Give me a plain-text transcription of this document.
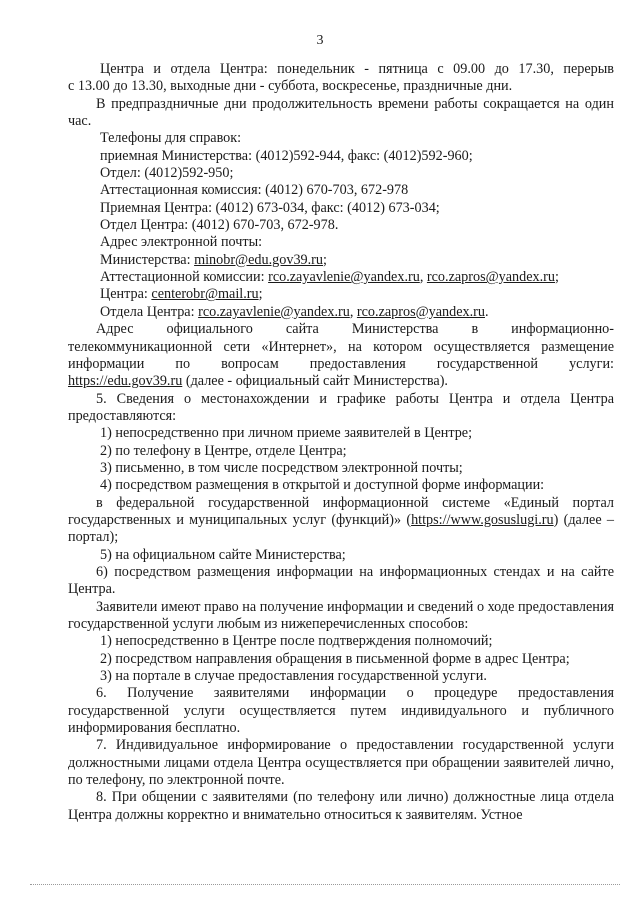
3

Центра и отдела Центра: понедельник - пятница с 09.00 до 17.30, перерыв

с 13.00 до 13.30, выходные дни - суббота, воскресенье, праздничные дни.

В предпраздничные дни продолжительность времени работы сокращается на один час.

Телефоны для справок:

приемная Министерства: (4012)592-944, факс: (4012)592-960;

Отдел: (4012)592-950;

Аттестационная комиссия: (4012) 670-703, 672-978

Приемная Центра: (4012) 673-034, факс: (4012) 673-034;

Отдел Центра: (4012) 670-703, 672-978.

Адрес электронной почты:

Министерства: minobr@edu.gov39.ru;

Аттестационной комиссии: rco.zayavlenie@yandex.ru, rco.zapros@yandex.ru;

Центра: centerobr@mail.ru;

Отдела Центра: rco.zayavlenie@yandex.ru, rco.zapros@yandex.ru.

Адрес официального сайта Министерства в информационно-

телекоммуникационной сети «Интернет», на котором осуществляется размещение

информации по вопросам предоставления государственной услуги:

https://edu.gov39.ru (далее - официальный сайт Министерства).

5. Сведения о местонахождении и графике работы Центра и отдела Центра предоставляются:

1) непосредственно при личном приеме заявителей в Центре;

2) по телефону в Центре, отделе Центра;

3) письменно, в том числе посредством электронной почты;

4) посредством размещения в открытой и доступной форме информации:

в федеральной государственной информационной системе «Единый портал государственных и муниципальных услуг (функций)» (https://www.gosuslugi.ru) (далее – портал);

5) на официальном сайте Министерства;

6) посредством размещения информации на информационных стендах и на сайте Центра.

Заявители имеют право на получение информации и сведений о ходе предоставления государственной услуги любым из нижеперечисленных способов:

1) непосредственно в Центре после подтверждения полномочий;

2) посредством направления обращения в письменной форме в адрес Центра;

3) на портале в случае предоставления государственной услуги.

6. Получение заявителями информации о процедуре предоставления государственной услуги осуществляется путем индивидуального и публичного информирования бесплатно.

7. Индивидуальное информирование о предоставлении государственной услуги должностными лицами отдела Центра осуществляется при обращении заявителей лично, по телефону, по электронной почте.

8. При общении с заявителями (по телефону или лично) должностные лица отдела Центра должны корректно и внимательно относиться к заявителям. Устное
